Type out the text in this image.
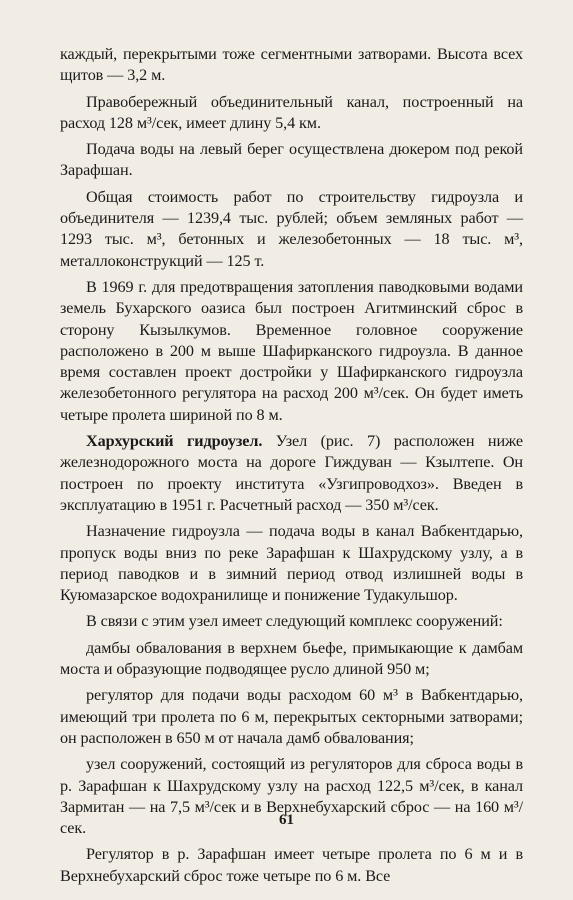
каждый, перекрытыми тоже сегментными затворами. Высота всех щитов — 3,2 м.

Правобережный объединительный канал, построенный на расход 128 м³/сек, имеет длину 5,4 км.

Подача воды на левый берег осуществлена дюкером под рекой Зарафшан.

Общая стоимость работ по строительству гидроузла и объединителя — 1239,4 тыс. рублей; объем земляных работ — 1293 тыс. м³, бетонных и железобетонных — 18 тыс. м³, металлоконструкций — 125 т.

В 1969 г. для предотвращения затопления паводковыми водами земель Бухарского оазиса был построен Агитминский сброс в сторону Кызылкумов. Временное головное сооружение расположено в 200 м выше Шафирканского гидроузла. В данное время составлен проект достройки у Шафирканского гидроузла железобетонного регулятора на расход 200 м³/сек. Он будет иметь четыре пролета шириной по 8 м.

Хархурский гидроузел. Узел (рис. 7) расположен ниже железнодорожного моста на дороге Гиждуван — Кзылтепе. Он построен по проекту института «Узгипроводхоз». Введен в эксплуатацию в 1951 г. Расчетный расход — 350 м³/сек.

Назначение гидроузла — подача воды в канал Вабкентдарью, пропуск воды вниз по реке Зарафшан к Шахрудскому узлу, а в период паводков и в зимний период отвод излишней воды в Куюмазарское водохранилище и понижение Тудакульшор.

В связи с этим узел имеет следующий комплекс сооружений:

дамбы обвалования в верхнем бьефе, примыкающие к дамбам моста и образующие подводящее русло длиной 950 м;

регулятор для подачи воды расходом 60 м³ в Вабкентдарью, имеющий три пролета по 6 м, перекрытых секторными затворами; он расположен в 650 м от начала дамб обвалования;

узел сооружений, состоящий из регуляторов для сброса воды в р. Зарафшан к Шахрудскому узлу на расход 122,5 м³/сек, в канал Зармитан — на 7,5 м³/сек и в Верхнебухарский сброс — на 160 м³/сек.

Регулятор в р. Зарафшан имеет четыре пролета по 6 м и в Верхнебухарский сброс тоже четыре по 6 м. Все

61
